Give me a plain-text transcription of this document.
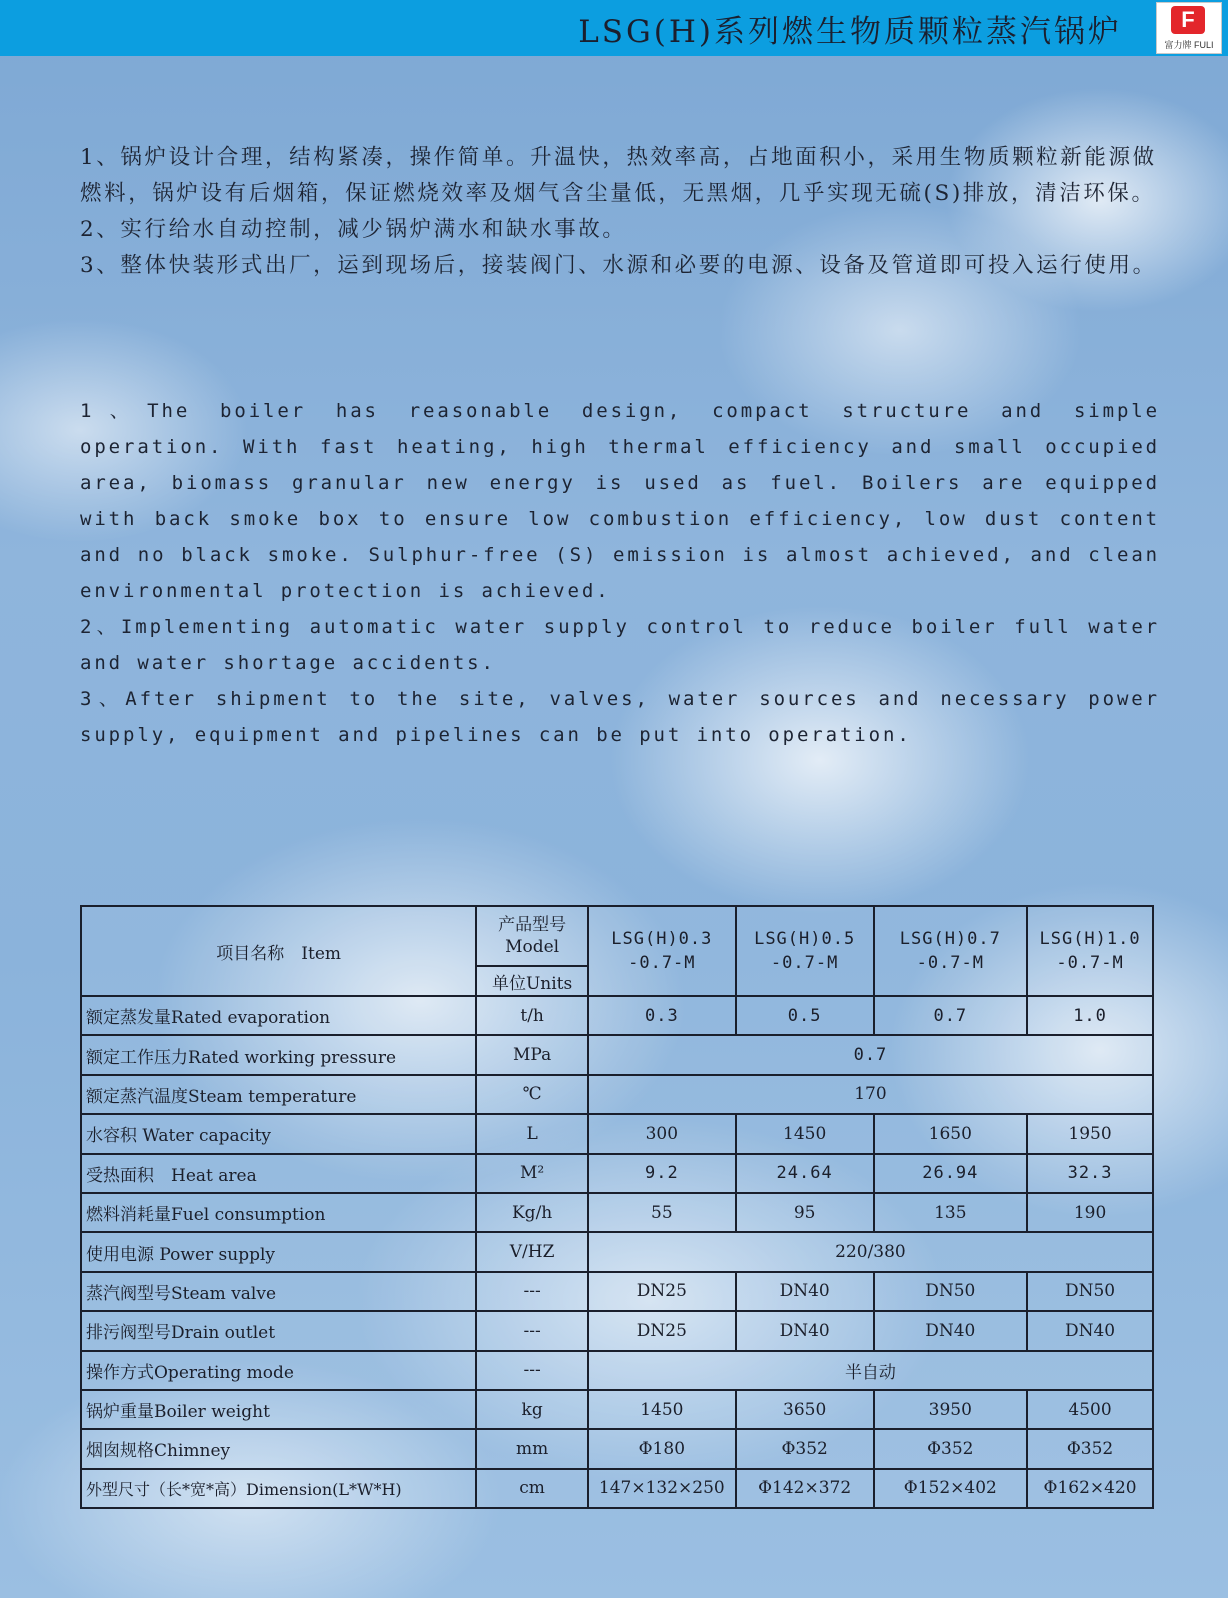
LSG(H)系列燃生物质颗粒蒸汽锅炉	F
富力牌 FULI

1、锅炉设计合理，结构紧凑，操作简单。升温快，热效率高，占地面积小，采用生物质颗粒新能源做燃料，锅炉设有后烟箱，保证燃烧效率及烟气含尘量低，无黑烟，几乎实现无硫(S)排放，清洁环保。

2、实行给水自动控制，减少锅炉满水和缺水事故。

3、整体快装形式出厂，运到现场后，接装阀门、水源和必要的电源、设备及管道即可投入运行使用。

1、The boiler has reasonable design, compact structure and simple operation. With fast heating, high thermal efficiency and small occupied area, biomass granular new energy is used as fuel. Boilers are equipped with back smoke box to ensure low combustion efficiency, low dust content and no black smoke. Sulphur-free (S) emission is almost achieved, and clean environmental protection is achieved.

2、Implementing automatic water supply control to reduce boiler full water and water shortage accidents.

3、After shipment to the site, valves, water sources and necessary power supply, equipment and pipelines can be put into operation.

项目名称　Item	产品型号 Model	LSG(H)0.3 -0.7-M	LSG(H)0.5 -0.7-M	LSG(H)0.7 -0.7-M	LSG(H)1.0 -0.7-M
	单位Units				
额定蒸发量Rated evaporation	t/h	0.3	0.5	0.7	1.0
额定工作压力Rated working pressure	MPa	0.7			
额定蒸汽温度Steam temperature	℃	170			
水容积 Water capacity	L	300	1450	1650	1950
受热面积　Heat area	M²	9.2	24.64	26.94	32.3
燃料消耗量Fuel consumption	Kg/h	55	95	135	190
使用电源 Power supply	V/HZ	220/380			
蒸汽阀型号Steam valve	---	DN25	DN40	DN50	DN50
排污阀型号Drain outlet	---	DN25	DN40	DN40	DN40
操作方式Operating mode	---	半自动			
锅炉重量Boiler weight	kg	1450	3650	3950	4500
烟囱规格Chimney	mm	Φ180	Φ352	Φ352	Φ352
外型尺寸（长*宽*高）Dimension(L*W*H)	cm	147×132×250	Φ142×372	Φ152×402	Φ162×420
